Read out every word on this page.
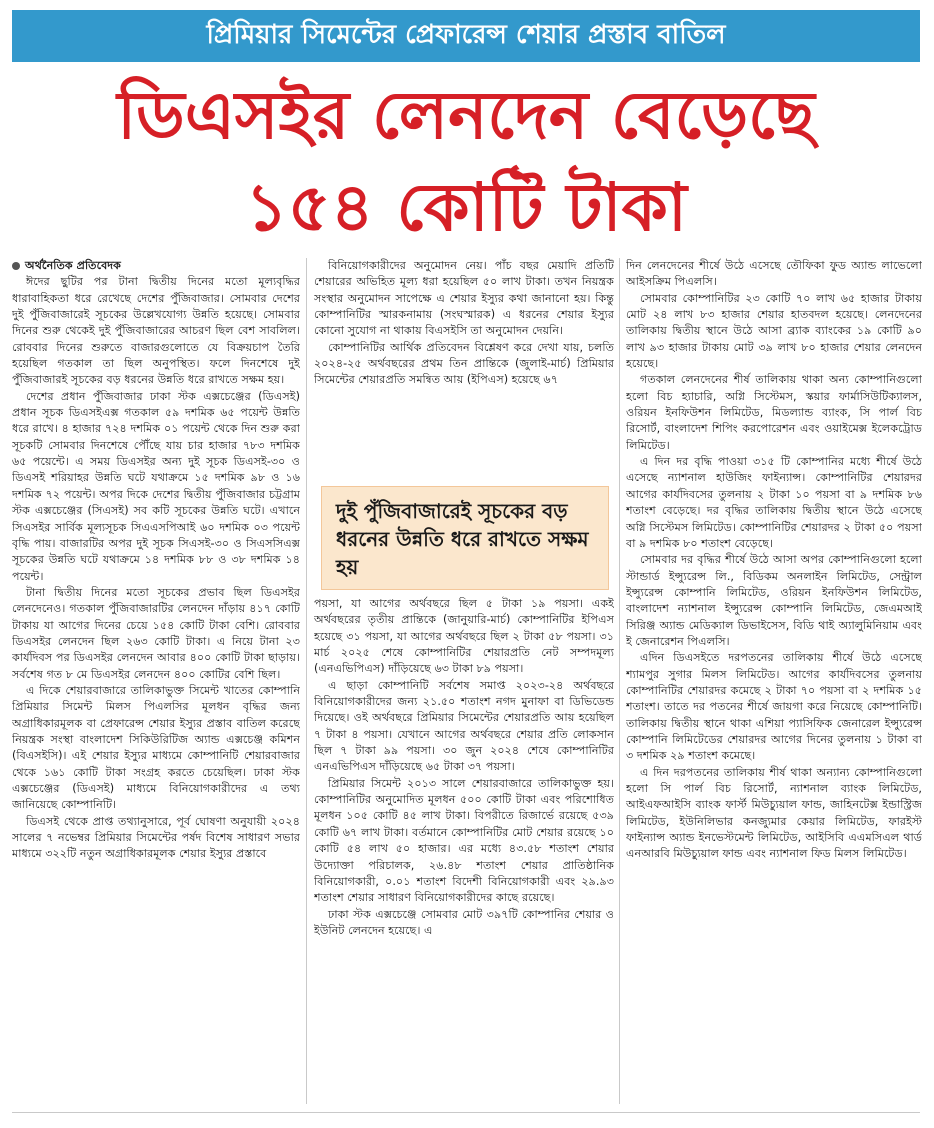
প্রিমিয়ার সিমেন্টের প্রেফারেন্স শেয়ার প্রস্তাব বাতিল
ডিএসইর লেনদেন বেড়েছে
১৫৪ কোটি টাকা
অর্থনৈতিক প্রতিবেদক

ঈদের ছুটির পর টানা দ্বিতীয় দিনের মতো মূল্যবৃদ্ধির ধারাবাহিকতা ধরে রেখেছে দেশের পুঁজিবাজার। সোমবার দেশের দুই পুঁজিবাজারেই সূচকের উল্লেখযোগ্য উন্নতি হয়েছে। সোমবার দিনের শুরু থেকেই দুই পুঁজিবাজারের আচরণ ছিল বেশ সাবলিল। রোববার দিনের শুরুতে বাজারগুলোতে যে বিক্রয়চাপ তৈরি হয়েছিল গতকাল তা ছিল অনুপস্থিত। ফলে দিনশেষে দুই পুঁজিবাজারই সূচকের বড় ধরনের উন্নতি ধরে রাখতে সক্ষম হয়।

দেশের প্রধান পুঁজিবাজার ঢাকা স্টক এক্সচেঞ্জের (ডিএসই) প্রধান সূচক ডিএসইএক্স গতকাল ৫৯ দশমিক ৬৫ পয়েন্ট উন্নতি ধরে রাখে। ৪ হাজার ৭২৪ দশমিক ০১ পয়েন্ট থেকে দিন শুরু করা সূচকটি সোমবার দিনশেষে পৌঁছে যায় চার হাজার ৭৮৩ দশমিক ৬৫ পয়েন্টে। এ সময় ডিএসইর অন্য দুই সূচক ডিএসই-৩০ ও ডিএসই শরিয়াহর উন্নতি ঘটে যথাক্রমে ১৫ দশমিক ৯৮ ও ১৬ দশমিক ৭২ পয়েন্ট। অপর দিকে দেশের দ্বিতীয় পুঁজিবাজার চট্টগ্রাম স্টক এক্সচেঞ্জের (সিএসই) সব কটি সূচকের উন্নতি ঘটে। এখানে সিএসইর সার্বিক মূল্যসূচক সিএএসপিআই ৬০ দশমিক ০৩ পয়েন্ট বৃদ্ধি পায়। বাজারটির অপর দুই সূচক সিএসই-৩০ ও সিএসসিএক্স সূচকের উন্নতি ঘটে যথাক্রমে ১৪ দশমিক ৮৮ ও ৩৮ দশমিক ১৪ পয়েন্ট।

টানা দ্বিতীয় দিনের মতো সূচকের প্রভাব ছিল ডিএসইর লেনদেনেও। গতকাল পুঁজিবাজারটির লেনদেন দাঁড়ায় ৪১৭ কোটি টাকায় যা আগের দিনের চেয়ে ১৫৪ কোটি টাকা বেশি। রোববার ডিএসইর লেনদেন ছিল ২৬৩ কোটি টাকা। এ নিয়ে টানা ২৩ কার্যদিবস পর ডিএসইর লেনদেন আবার ৪০০ কোটি টাকা ছাড়ায়। সর্বশেষ গত ৮ মে ডিএসইর লেনদেন ৪০০ কোটির বেশি ছিল।

এ দিকে শেয়ারবাজারে তালিকাভুক্ত সিমেন্ট খাতের কোম্পানি প্রিমিয়ার সিমেন্ট মিলস পিএলসির মূলধন বৃদ্ধির জন্য অগ্রাধিকারমূলক বা প্রেফারেন্স শেয়ার ইস্যুর প্রস্তাব বাতিল করেছে নিয়ন্ত্রক সংস্থা বাংলাদেশ সিকিউরিটিজ অ্যান্ড এক্সচেঞ্জ কমিশন (বিএসইসি)। এই শেয়ার ইস্যুর মাধ্যমে কোম্পানিটি শেয়ারবাজার থেকে ১৬১ কোটি টাকা সংগ্রহ করতে চেয়েছিল। ঢাকা স্টক এক্সচেঞ্জের (ডিএসই) মাধ্যমে বিনিয়োগকারীদের এ তথ্য জানিয়েছে কোম্পানিটি।

ডিএসই থেকে প্রাপ্ত তথ্যানুসারে, পূর্ব ঘোষণা অনুযায়ী ২০২৪ সালের ৭ নভেম্বর প্রিমিয়ার সিমেন্টের পর্ষদ বিশেষ সাধারণ সভার মাধ্যমে ৩২২টি নতুন অগ্রাধিকারমূলক শেয়ার ইস্যুর প্রস্তাবে

বিনিয়োগকারীদের অনুমোদন নেয়। পাঁচ বছর মেয়াদি প্রতিটি শেয়ারের অভিহিত মূল্য ধরা হয়েছিল ৫০ লাখ টাকা। তখন নিয়ন্ত্রক সংস্থার অনুমোদন সাপেক্ষে এ শেয়ার ইস্যুর কথা জানানো হয়। কিন্তু কোম্পানিটির স্মারকনামায় (সংঘস্মারক) এ ধরনের শেয়ার ইস্যুর কোনো সুযোগ না থাকায় বিএসইসি তা অনুমোদন দেয়নি।

কোম্পানিটির আর্থিক প্রতিবেদন বিশ্লেষণ করে দেখা যায়, চলতি ২০২৪-২৫ অর্থবছরের প্রথম তিন প্রান্তিকে (জুলাই-মার্চ) প্রিমিয়ার সিমেন্টের শেয়ারপ্রতি সমন্বিত আয় (ইপিএস) হয়েছে ৬৭

দুই পুঁজিবাজারেই সূচকের বড় ধরনের উন্নতি ধরে রাখতে সক্ষম হয়

পয়সা, যা আগের অর্থবছরে ছিল ৫ টাকা ১৯ পয়সা। একই অর্থবছরের তৃতীয় প্রান্তিকে (জানুয়ারি-মার্চ) কোম্পানিটির ইপিএস হয়েছে ৩১ পয়সা, যা আগের অর্থবছরে ছিল ২ টাকা ৫৮ পয়সা। ৩১ মার্চ ২০২৫ শেষে কোম্পানিটির শেয়ারপ্রতি নেট সম্পদমূল্য (এনএভিপিএস) দাঁড়িয়েছে ৬৩ টাকা ৮৯ পয়সা।

এ ছাড়া কোম্পানিটি সর্বশেষ সমাপ্ত ২০২৩-২৪ অর্থবছরে বিনিয়োগকারীদের জন্য ২১.৫০ শতাংশ নগদ মুনাফা বা ডিভিডেন্ড দিয়েছে। ওই অর্থবছরে প্রিমিয়ার সিমেন্টের শেয়ারপ্রতি আয় হয়েছিল ৭ টাকা ৪ পয়সা। যেখানে আগের অর্থবছরে শেয়ার প্রতি লোকসান ছিল ৭ টাকা ৯৯ পয়সা। ৩০ জুন ২০২৪ শেষে কোম্পানিটির এনএভিপিএস দাঁড়িয়েছে ৬৫ টাকা ৩৭ পয়সা।

প্রিমিয়ার সিমেন্ট ২০১৩ সালে শেয়ারবাজারে তালিকাভুক্ত হয়। কোম্পানিটির অনুমোদিত মূলধন ৫০০ কোটি টাকা এবং পরিশোধিত মূলধন ১০৫ কোটি ৪৫ লাখ টাকা। বিপরীতে রিজার্ভে রয়েছে ৫৩৯ কোটি ৬৭ লাখ টাকা। বর্তমানে কোম্পানিটির মোট শেয়ার রয়েছে ১০ কোটি ৫৪ লাখ ৫০ হাজার। এর মধ্যে ৪৩.৫৮ শতাংশ শেয়ার উদ্যোক্তা পরিচালক, ২৬.৪৮ শতাংশ শেয়ার প্রাতিষ্ঠানিক বিনিয়োগকারী, ০.০১ শতাংশ বিদেশী বিনিয়োগকারী এবং ২৯.৯৩ শতাংশ শেয়ার সাধারণ বিনিয়োগকারীদের কাছে রয়েছে।

ঢাকা স্টক এক্সচেঞ্জে সোমবার মোট ৩৯৭টি কোম্পানির শেয়ার ও ইউনিট লেনদেন হয়েছে। এ

দিন লেনদেনের শীর্ষে উঠে এসেছে তৌফিকা ফুড অ্যান্ড লাভেলো আইসক্রিম পিএলসি।

সোমবার কোম্পানিটির ২৩ কোটি ৭০ লাখ ৬৫ হাজার টাকায় মোট ২৪ লাখ ৮৩ হাজার শেয়ার হাতবদল হয়েছে। লেনদেনের তালিকায় দ্বিতীয় স্থানে উঠে আসা ব্র্যাক ব্যাংকের ১৯ কোটি ৯০ লাখ ৯৩ হাজার টাকায় মোট ৩৯ লাখ ৮০ হাজার শেয়ার লেনদেন হয়েছে।

গতকাল লেনদেনের শীর্ষ তালিকায় থাকা অন্য কোম্পানিগুলো হলো বিচ হ্যাচারি, অগ্নি সিস্টেমস, স্কয়ার ফার্মাসিউটিক্যালস, ওরিয়ন ইনফিউশন লিমিটেড, মিডল্যান্ড ব্যাংক, সি পার্ল বিচ রিসোর্ট, বাংলাদেশ শিপিং করপোরেশন এবং ওয়াইমেক্স ইলেকট্রোড লিমিটেড।

এ দিন দর বৃদ্ধি পাওয়া ৩১৫ টি কোম্পানির মধ্যে শীর্ষে উঠে এসেছে ন্যাশনাল হাউজিং ফাইন্যান্স। কোম্পানিটির শেয়ারদর আগের কার্যদিবসের তুলনায় ২ টাকা ১০ পয়সা বা ৯ দশমিক ৮৬ শতাংশ বেড়েছে। দর বৃদ্ধির তালিকায় দ্বিতীয় স্থানে উঠে এসেছে অগ্নি সিস্টেমস লিমিটেড। কোম্পানিটির শেয়ারদর ২ টাকা ৫০ পয়সা বা ৯ দশমিক ৮০ শতাংশ বেড়েছে।

সোমবার দর বৃদ্ধির শীর্ষে উঠে আসা অপর কোম্পানিগুলো হলো স্টান্ডার্ড ইন্স্যুরেন্স লি., বিডিকম অনলাইন লিমিটেড, সেন্ট্রাল ইন্স্যুরেন্স কোম্পানি লিমিটেড, ওরিয়ন ইনফিউশন লিমিটেড, বাংলাদেশ ন্যাশনাল ইন্স্যুরেন্স কোম্পানি লিমিটেড, জেএমআই সিরিঞ্জ অ্যান্ড মেডিক্যাল ডিভাইসেস, বিডি থাই অ্যালুমিনিয়াম এবং ই জেনারেশন পিএলসি।

এদিন ডিএসইতে দরপতনের তালিকায় শীর্ষে উঠে এসেছে শ্যামপুর সুগার মিলস লিমিটেড। আগের কার্যদিবসের তুলনায় কোম্পানিটির শেয়ারদর কমেছে ২ টাকা ৭০ পয়সা বা ২ দশমিক ১৫ শতাংশ। তাতে দর পতনের শীর্ষে জায়গা করে নিয়েছে কোম্পানিটি। তালিকায় দ্বিতীয় স্থানে থাকা এশিয়া প্যাসিফিক জেনারেল ইন্স্যুরেন্স কোম্পানি লিমিটেডের শেয়ারদর আগের দিনের তুলনায় ১ টাকা বা ৩ দশমিক ২৯ শতাংশ কমেছে।

এ দিন দরপতনের তালিকায় শীর্ষ থাকা অন্যান্য কোম্পানিগুলো হলো সি পার্ল বিচ রিসোর্ট, ন্যাশনাল ব্যাংক লিমিটেড, আইএফআইসি ব্যাংক ফার্স্ট মিউচ্যুয়াল ফান্ড, জাহিনটেক্স ইন্ডাস্ট্রিজ লিমিটেড, ইউনিলিভার কনজ্যুমার কেয়ার লিমিটেড, ফারইস্ট ফাইন্যান্স অ্যান্ড ইনভেস্টমেন্ট লিমিটেড, আইসিবি এএমসিএল থার্ড এনআরবি মিউচ্যুয়াল ফান্ড এবং ন্যাশনাল ফিড মিলস লিমিটেড।
